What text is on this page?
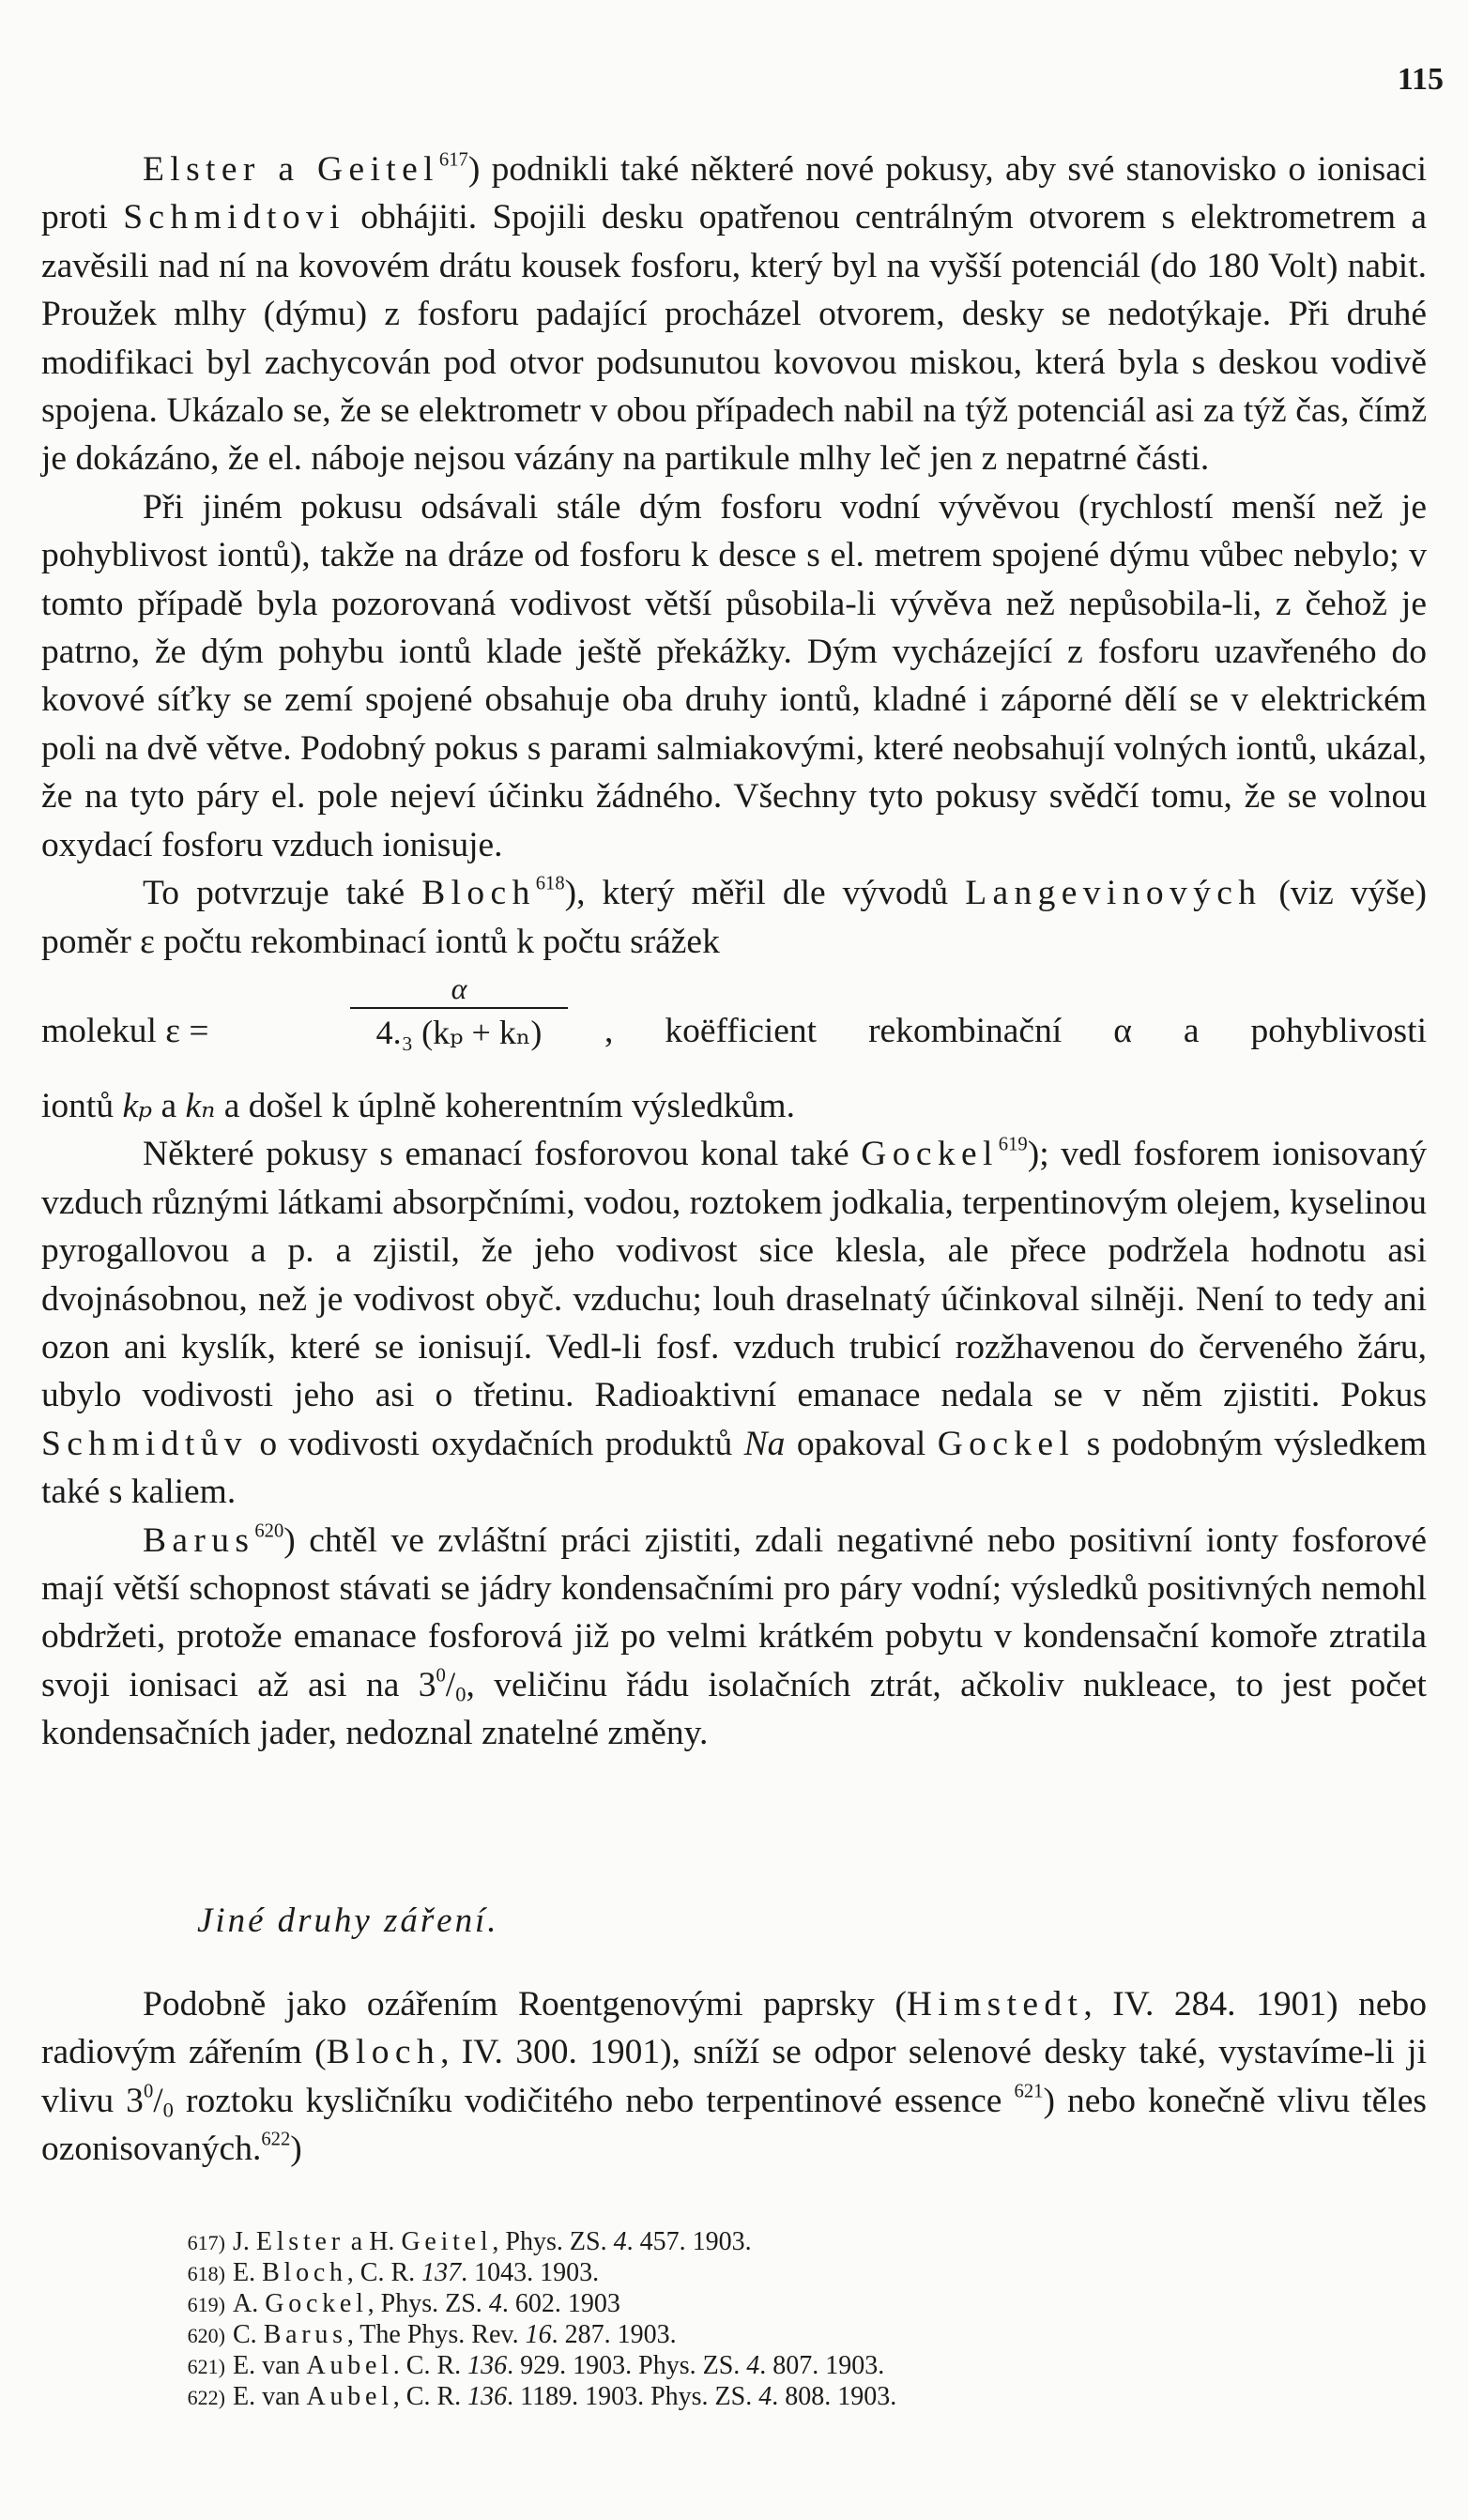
115

Elster a Geitel$^{617}$) podnikli také některé nové pokusy, aby své stanovisko o ionisaci proti Schmidtovi obhájiti. Spojili desku opatřenou centrálným otvorem s elektrometrem a zavěsili nad ní na kovovém drátu kousek fosforu, který byl na vyšší potenciál (do 180 Volt) nabit. Proužek mlhy (dýmu) z fosforu padající procházel otvorem, desky se nedotýkaje. Při druhé modifikaci byl zachycován pod otvor podsunutou kovovou miskou, která byla s deskou vodivě spojena. Ukázalo se, že se elektrometr v obou případech nabil na týž potenciál asi za týž čas, čímž je dokázáno, že el. náboje nejsou vázány na partikule mlhy leč jen z nepatrné části.

Při jiném pokusu odsávali stále dým fosforu vodní vývěvou (rychlostí menší než je pohyblivost iontů), takže na dráze od fosforu k desce s el. metrem spojené dýmu vůbec nebylo; v tomto případě byla pozorovaná vodivost větší působila-li vývěva než nepůsobila-li, z čehož je patrno, že dým pohybu iontů klade ještě překážky. Dým vycházející z fosforu uzavřeného do kovové síťky se zemí spojené obsahuje oba druhy iontů, kladné i záporné dělí se v elektrickém poli na dvě větve. Podobný pokus s parami salmiakovými, které neobsahují volných iontů, ukázal, že na tyto páry el. pole nejeví účinku žádného. Všechny tyto pokusy svědčí tomu, že se volnou oxydací fosforu vzduch ionisuje.

To potvrzuje také Bloch$^{618}$), který měřil dle vývodů Langevinových (viz výše) poměr ε počtu rekombinací iontů k počtu srážek

molekul ε =
α
4.₃ (kₚ + kₙ)	, koëfficient rekombinační α a pohyblivosti

iontů kₚ a kₙ a došel k úplně koherentním výsledkům.

Některé pokusy s emanací fosforovou konal také Gockel$^{619}$); vedl fosforem ionisovaný vzduch různými látkami absorpčními, vodou, roztokem jodkalia, terpentinovým olejem, kyselinou pyrogallovou a p. a zjistil, že jeho vodivost sice klesla, ale přece podržela hodnotu asi dvojnásobnou, než je vodivost obyč. vzduchu; louh draselnatý účinkoval silněji. Není to tedy ani ozon ani kyslík, které se ionisují. Vedl-li fosf. vzduch trubicí rozžhavenou do červeného žáru, ubylo vodivosti jeho asi o třetinu. Radioaktivní emanace nedala se v něm zjistiti. Pokus Schmidtův o vodivosti oxydačních produktů Na opakoval Gockel s podobným výsledkem také s kaliem.

Barus$^{620}$) chtěl ve zvláštní práci zjistiti, zdali negativné nebo positivní ionty fosforové mají větší schopnost stávati se jádry kondensačními pro páry vodní; výsledků positivných nemohl obdržeti, protože emanace fosforová již po velmi krátkém pobytu v kondensační komoře ztratila svoji ionisaci až asi na $3^0/_0$, veličinu řádu isolačních ztrát, ačkoliv nukleace, to jest počet kondensačních jader, nedoznal znatelné změny.

Jiné druhy záření.

Podobně jako ozářením Roentgenovými paprsky (Himstedt, IV. 284. 1901) nebo radiovým zářením (Bloch, IV. 300. 1901), sníží se odpor selenové desky také, vystavíme-li ji vlivu $3^0/_0$ roztoku kysličníku vodičitého nebo terpentinové essence $^{621}$) nebo konečně vlivu těles ozonisovaných.$^{622}$)

617) J. Elster a H. Geitel, Phys. ZS. 4. 457. 1903.
618) E. Bloch, C. R. 137. 1043. 1903.
619) A. Gockel, Phys. ZS. 4. 602. 1903
620) C. Barus, The Phys. Rev. 16. 287. 1903.
621) E. van Aubel. C. R. 136. 929. 1903. Phys. ZS. 4. 807. 1903.
622) E. van Aubel, C. R. 136. 1189. 1903. Phys. ZS. 4. 808. 1903.
